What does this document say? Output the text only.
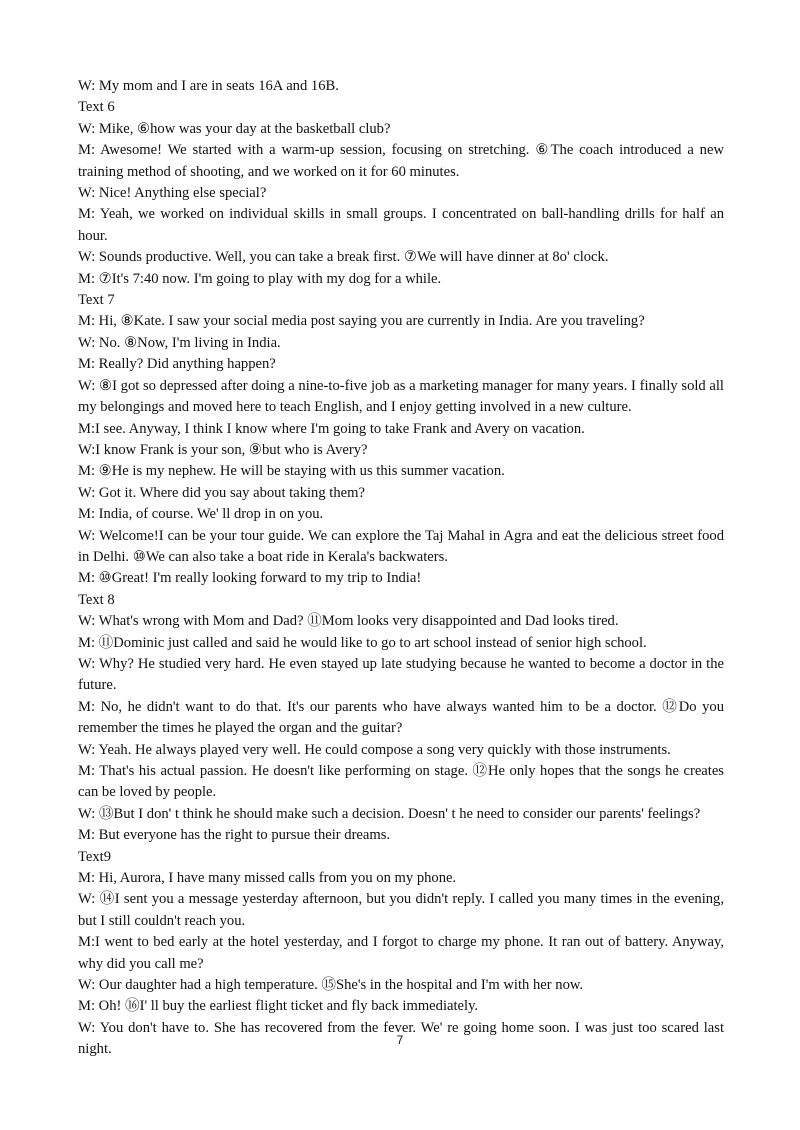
W: My mom and I are in seats 16A and 16B.

Text 6

W: Mike, ⑥how was your day at the basketball club?

M: Awesome! We started with a warm-up session, focusing on stretching. ⑥The coach introduced a new training method of shooting, and we worked on it for 60 minutes.

W: Nice! Anything else special?

M: Yeah, we worked on individual skills in small groups. I concentrated on ball-handling drills for half an hour.

W: Sounds productive. Well, you can take a break first. ⑦We will have dinner at 8o' clock.

M: ⑦It's 7:40 now. I'm going to play with my dog for a while.

Text 7

M: Hi, ⑧Kate. I saw your social media post saying you are currently in India. Are you traveling?

W: No. ⑧Now, I'm living in India.

M: Really? Did anything happen?

W: ⑧I got so depressed after doing a nine-to-five job as a marketing manager for many years. I finally sold all my belongings and moved here to teach English, and I enjoy getting involved in a new culture.

M:I see. Anyway, I think I know where I'm going to take Frank and Avery on vacation.

W:I know Frank is your son, ⑨but who is Avery?

M: ⑨He is my nephew. He will be staying with us this summer vacation.

W: Got it. Where did you say about taking them?

M: India, of course. We' ll drop in on you.

W: Welcome!I can be your tour guide. We can explore the Taj Mahal in Agra and eat the delicious street food in Delhi. ⑩We can also take a boat ride in Kerala's backwaters.

M: ⑩Great! I'm really looking forward to my trip to India!

Text 8

W: What's wrong with Mom and Dad? ⑪Mom looks very disappointed and Dad looks tired.

M: ⑪Dominic just called and said he would like to go to art school instead of senior high school.

W: Why? He studied very hard. He even stayed up late studying because he wanted to become a doctor in the future.

M: No, he didn't want to do that. It's our parents who have always wanted him to be a doctor. ⑫Do you remember the times he played the organ and the guitar?

W: Yeah. He always played very well. He could compose a song very quickly with those instruments.

M: That's his actual passion. He doesn't like performing on stage. ⑫He only hopes that the songs he creates can be loved by people.

W: ⑬But I don' t think he should make such a decision. Doesn' t he need to consider our parents' feelings?

M: But everyone has the right to pursue their dreams.

Text9

M: Hi, Aurora, I have many missed calls from you on my phone.

W: ⑭I sent you a message yesterday afternoon, but you didn't reply. I called you many times in the evening, but I still couldn't reach you.

M:I went to bed early at the hotel yesterday, and I forgot to charge my phone. It ran out of battery. Anyway, why did you call me?

W: Our daughter had a high temperature. ⑮She's in the hospital and I'm with her now.

M: Oh! ⑯I' ll buy the earliest flight ticket and fly back immediately.

W: You don't have to. She has recovered from the fever. We' re going home soon. I was just too scared last night.

7
